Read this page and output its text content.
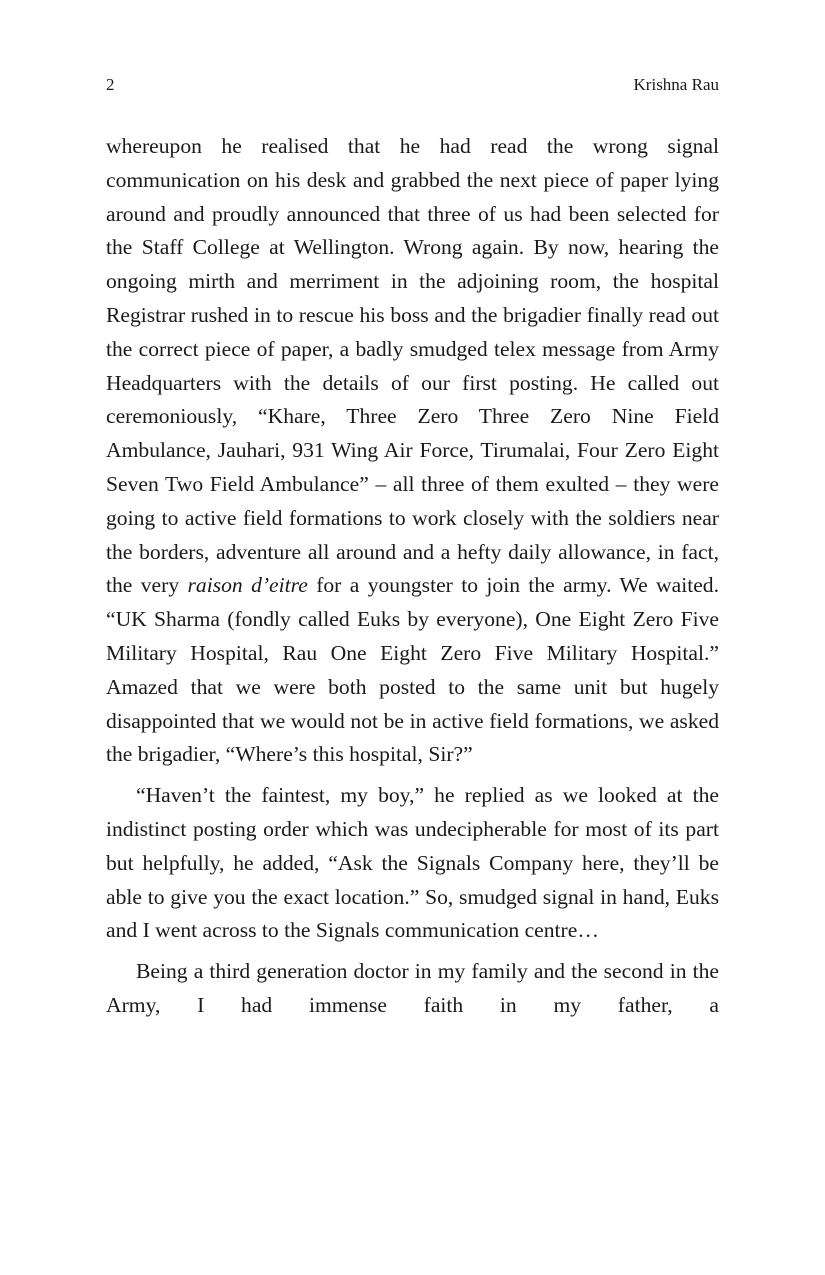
2	Krishna Rau

whereupon he realised that he had read the wrong signal communication on his desk and grabbed the next piece of paper lying around and proudly announced that three of us had been selected for the Staff College at Wellington. Wrong again. By now, hearing the ongoing mirth and merriment in the adjoining room, the hospital Registrar rushed in to rescue his boss and the brigadier finally read out the correct piece of paper, a badly smudged telex message from Army Headquarters with the details of our first posting. He called out ceremoniously, “Khare, Three Zero Three Zero Nine Field Ambulance, Jauhari, 931 Wing Air Force, Tirumalai, Four Zero Eight Seven Two Field Ambulance” – all three of them exulted – they were going to active field formations to work closely with the soldiers near the borders, adventure all around and a hefty daily allowance, in fact, the very raison d’eitre for a youngster to join the army. We waited. “UK Sharma (fondly called Euks by everyone), One Eight Zero Five Military Hospital, Rau One Eight Zero Five Military Hospital.” Amazed that we were both posted to the same unit but hugely disappointed that we would not be in active field formations, we asked the brigadier, “Where’s this hospital, Sir?”

“Haven’t the faintest, my boy,” he replied as we looked at the indistinct posting order which was undecipherable for most of its part but helpfully, he added, “Ask the Signals Company here, they’ll be able to give you the exact location.” So, smudged signal in hand, Euks and I went across to the Signals communication centre…

Being a third generation doctor in my family and the second in the Army, I had immense faith in my father, a
